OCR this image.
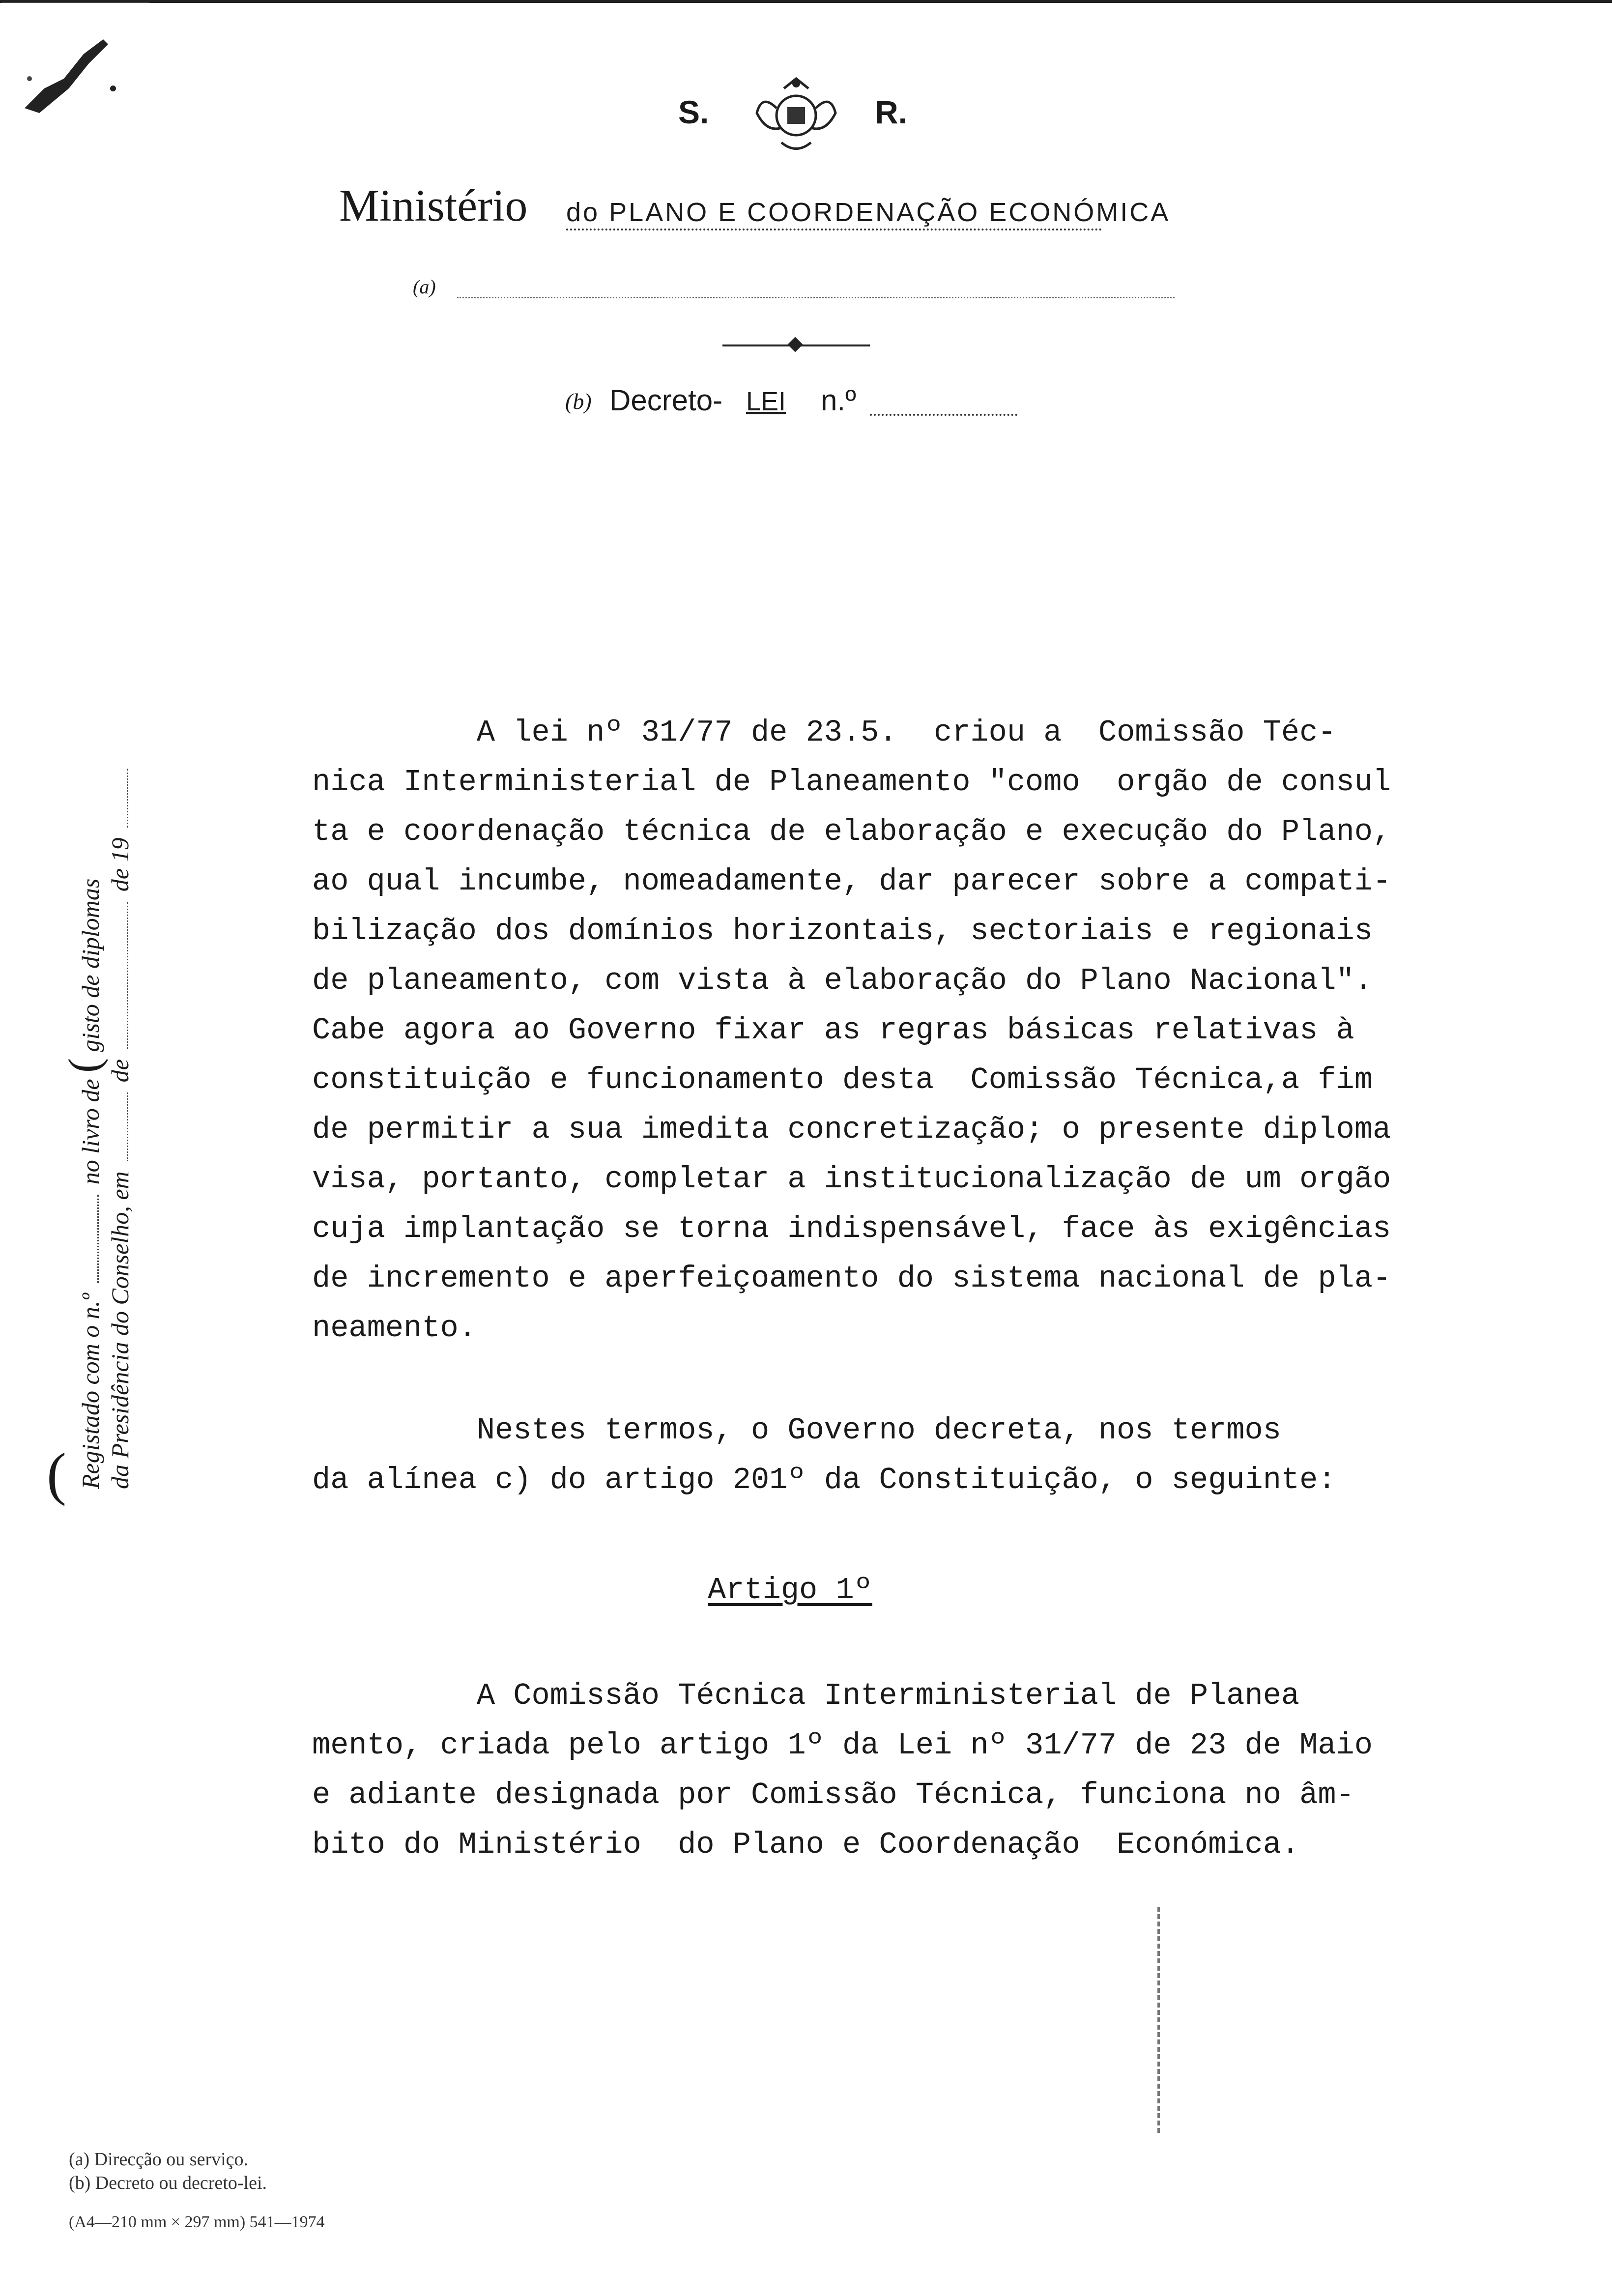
S.	R.
Ministério do PLANO E COORDENAÇÃO ECONÓMICA
(a)
(b) Decreto- LEI n.º
( Registado com o n.º  no livro de ( gisto de diplomas
da Presidência do Conselho, em  de  de 19
A lei nº 31/77 de 23.5.  criou a  Comissão Téc-
nica Interministerial de Planeamento "como  orgão de consul
ta e coordenação técnica de elaboração e execução do Plano,
ao qual incumbe, nomeadamente, dar parecer sobre a compati-
bilização dos domínios horizontais, sectoriais e regionais
de planeamento, com vista à elaboração do Plano Nacional".
Cabe agora ao Governo fixar as regras básicas relativas à
constituição e funcionamento desta  Comissão Técnica,a fim
de permitir a sua imedita concretização; o presente diploma
visa, portanto, completar a institucionalização de um orgão
cuja implantação se torna indispensável, face às exigências
de incremento e aperfeiçoamento do sistema nacional de pla-
neamento.
Nestes termos, o Governo decreta, nos termos
da alínea c) do artigo 201º da Constituição, o seguinte:
Artigo 1º
A Comissão Técnica Interministerial de Planea
mento, criada pelo artigo 1º da Lei nº 31/77 de 23 de Maio
e adiante designada por Comissão Técnica, funciona no âm-
bito do Ministério  do Plano e Coordenação  Económica.
(a) Direcção ou serviço.
(b) Decreto ou decreto-lei.
(A4—210 mm × 297 mm) 541—1974
